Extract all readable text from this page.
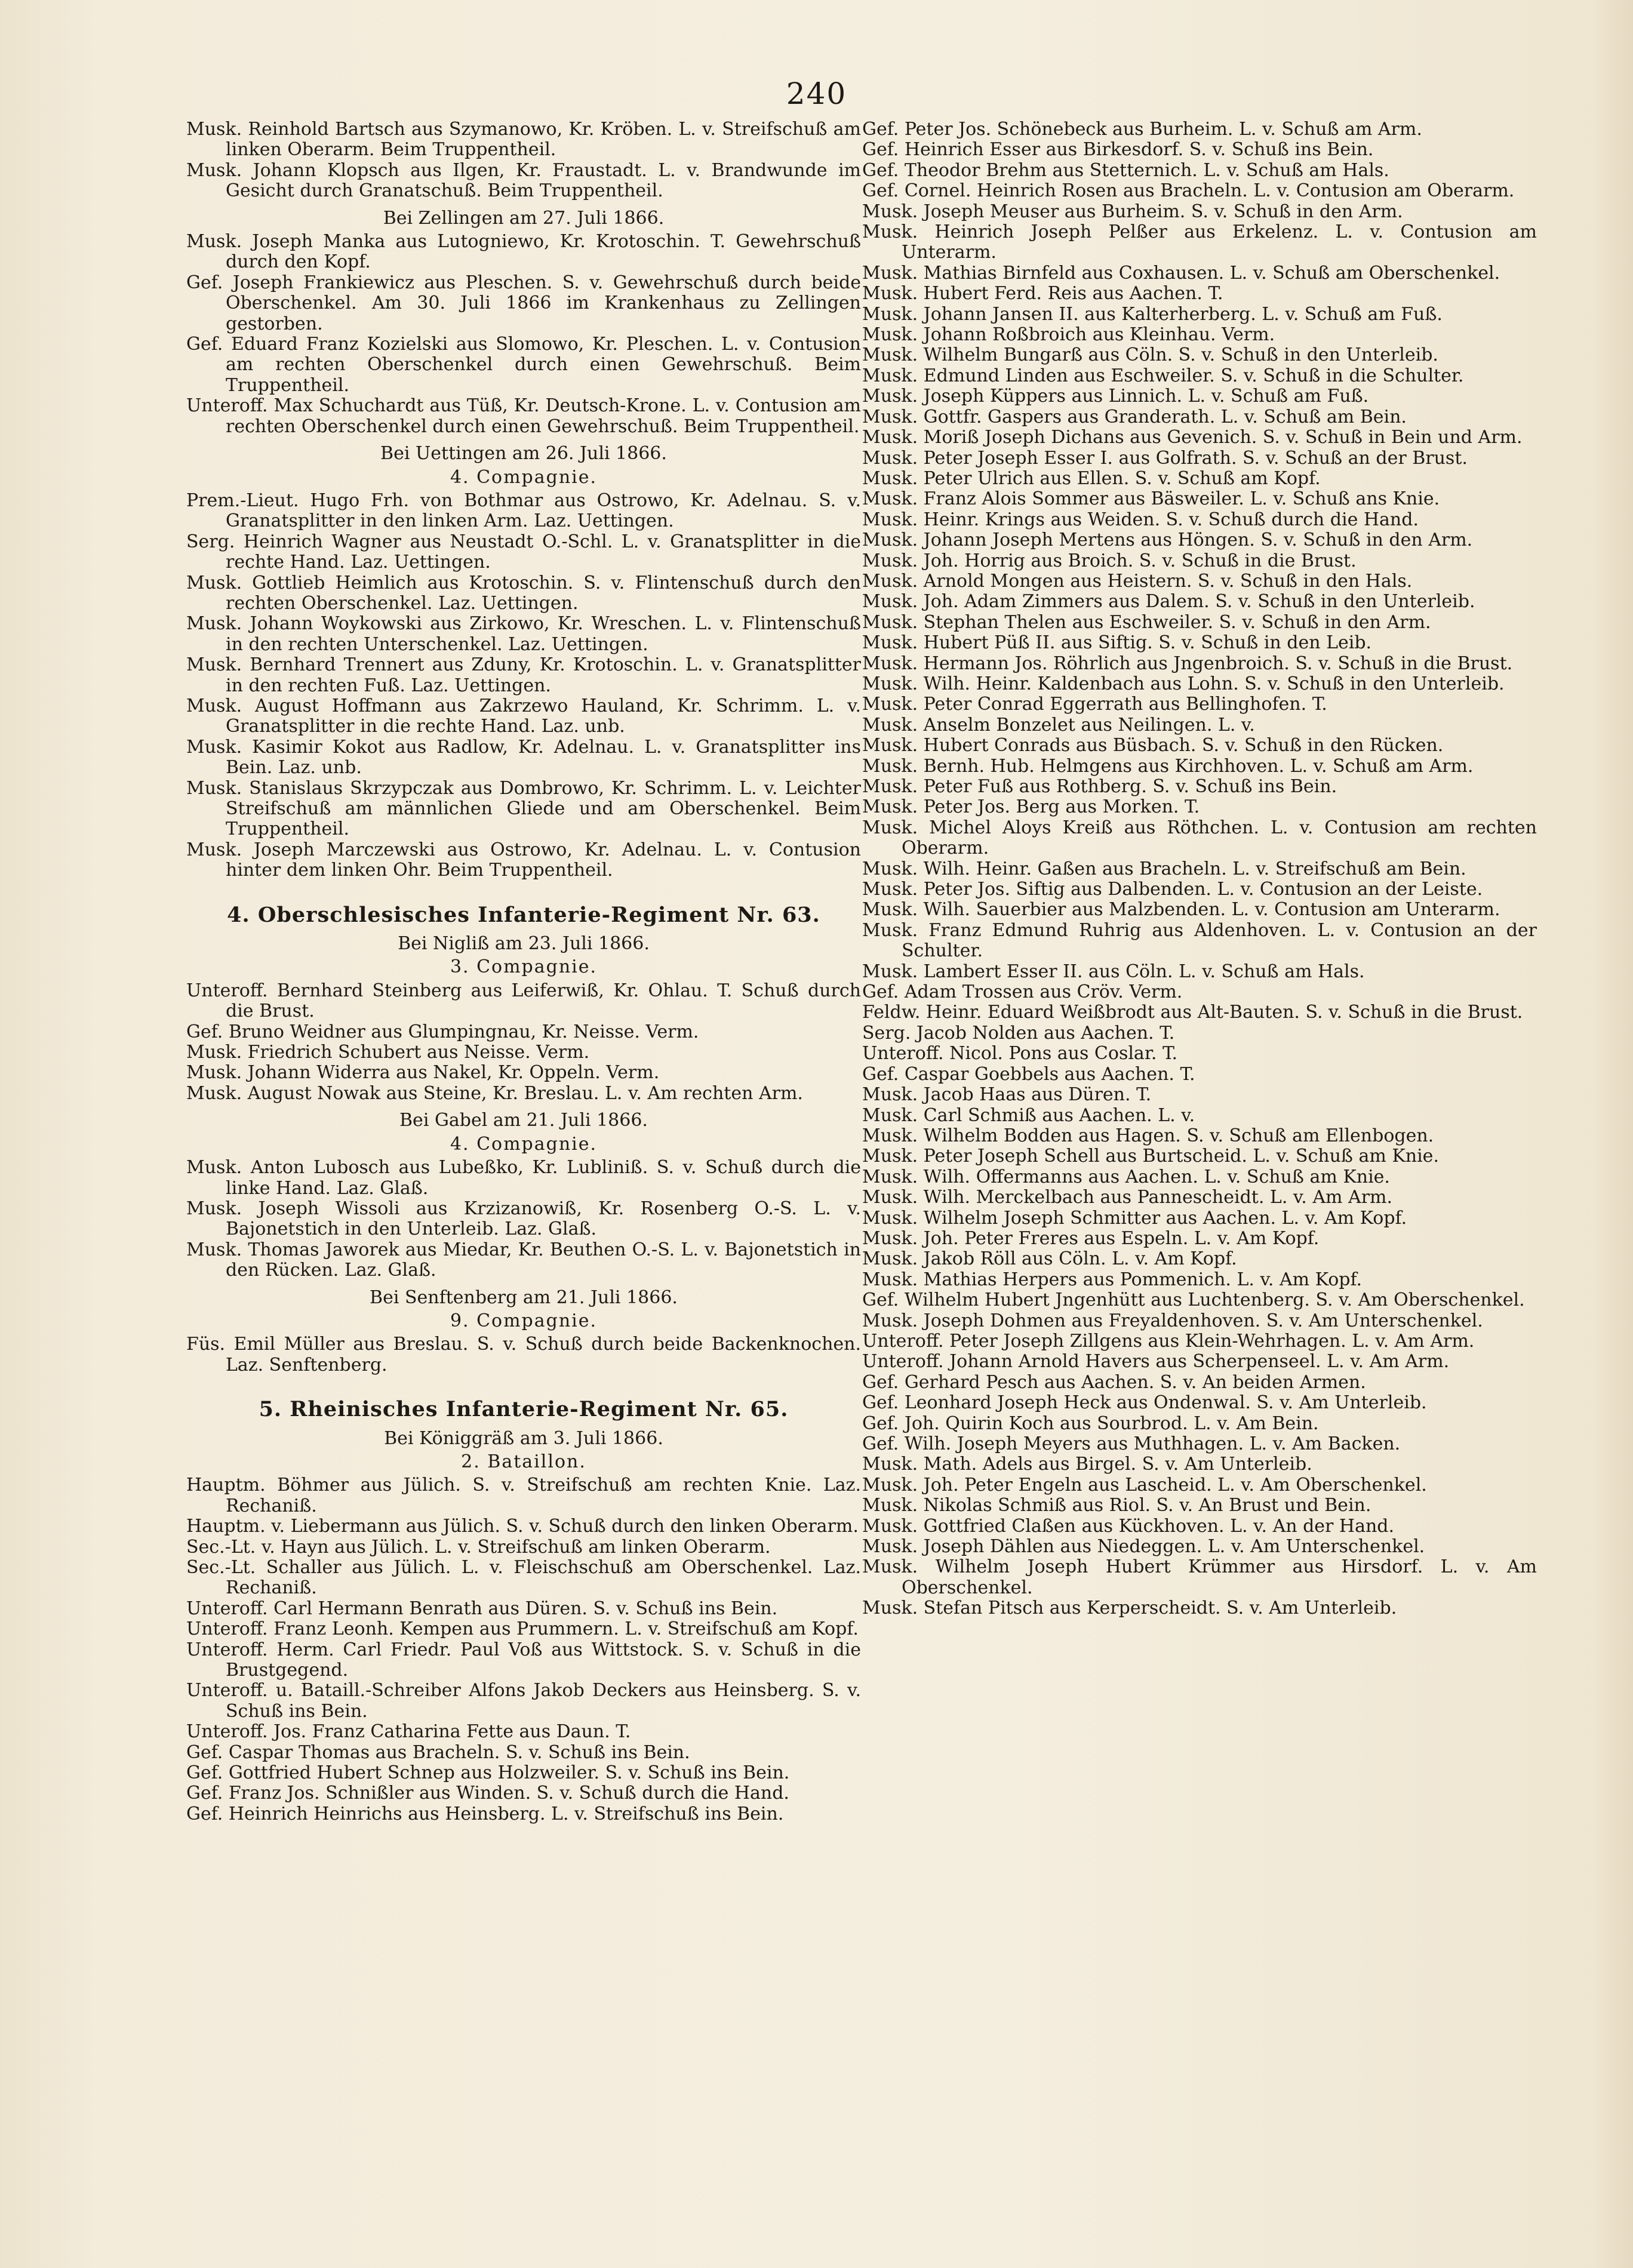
240
Musk. Reinhold Bartsch aus Szymanowo, Kr. Kröben. L. v. Streifschuß am linken Oberarm. Beim Truppentheil.
Musk. Johann Klopsch aus Ilgen, Kr. Fraustadt. L. v. Brandwunde im Gesicht durch Granatschuß. Beim Truppentheil.
Bei Zellingen am 27. Juli 1866.
Musk. Joseph Manka aus Lutogniewo, Kr. Krotoschin. T. Gewehrschuß durch den Kopf.
Gef. Joseph Frankiewicz aus Pleschen. S. v. Gewehrschuß durch beide Oberschenkel. Am 30. Juli 1866 im Krankenhaus zu Zellingen gestorben.
Gef. Eduard Franz Kozielski aus Slomowo, Kr. Pleschen. L. v. Contusion am rechten Oberschenkel durch einen Gewehrschuß. Beim Truppentheil.
Unteroff. Max Schuchardt aus Tüß, Kr. Deutsch-Krone. L. v. Contusion am rechten Oberschenkel durch einen Gewehrschuß. Beim Truppentheil.
Bei Uettingen am 26. Juli 1866.
4. Compagnie.
Prem.-Lieut. Hugo Frh. von Bothmar aus Ostrowo, Kr. Adelnau. S. v. Granatsplitter in den linken Arm. Laz. Uettingen.
Serg. Heinrich Wagner aus Neustadt O.-Schl. L. v. Granatsplitter in die rechte Hand. Laz. Uettingen.
Musk. Gottlieb Heimlich aus Krotoschin. S. v. Flintenschuß durch den rechten Oberschenkel. Laz. Uettingen.
Musk. Johann Woykowski aus Zirkowo, Kr. Wreschen. L. v. Flintenschuß in den rechten Unterschenkel. Laz. Uettingen.
Musk. Bernhard Trennert aus Zduny, Kr. Krotoschin. L. v. Granatsplitter in den rechten Fuß. Laz. Uettingen.
Musk. August Hoffmann aus Zakrzewo Hauland, Kr. Schrimm. L. v. Granatsplitter in die rechte Hand. Laz. unb.
Musk. Kasimir Kokot aus Radlow, Kr. Adelnau. L. v. Granatsplitter ins Bein. Laz. unb.
Musk. Stanislaus Skrzypczak aus Dombrowo, Kr. Schrimm. L. v. Leichter Streifschuß am männlichen Gliede und am Oberschenkel. Beim Truppentheil.
Musk. Joseph Marczewski aus Ostrowo, Kr. Adelnau. L. v. Contusion hinter dem linken Ohr. Beim Truppentheil.
4. Oberschlesisches Infanterie-Regiment Nr. 63.
Bei Nigliß am 23. Juli 1866.
3. Compagnie.
Unteroff. Bernhard Steinberg aus Leiferwiß, Kr. Ohlau. T. Schuß durch die Brust.
Gef. Bruno Weidner aus Glumpingnau, Kr. Neisse. Verm.
Musk. Friedrich Schubert aus Neisse. Verm.
Musk. Johann Widerra aus Nakel, Kr. Oppeln. Verm.
Musk. August Nowak aus Steine, Kr. Breslau. L. v. Am rechten Arm.
Bei Gabel am 21. Juli 1866.
4. Compagnie.
Musk. Anton Lubosch aus Lubeßko, Kr. Lubliniß. S. v. Schuß durch die linke Hand. Laz. Glaß.
Musk. Joseph Wissoli aus Krzizanowiß, Kr. Rosenberg O.-S. L. v. Bajonetstich in den Unterleib. Laz. Glaß.
Musk. Thomas Jaworek aus Miedar, Kr. Beuthen O.-S. L. v. Bajonetstich in den Rücken. Laz. Glaß.
Bei Senftenberg am 21. Juli 1866.
9. Compagnie.
Füs. Emil Müller aus Breslau. S. v. Schuß durch beide Backenknochen. Laz. Senftenberg.
5. Rheinisches Infanterie-Regiment Nr. 65.
Bei Königgräß am 3. Juli 1866.
2. Bataillon.
Hauptm. Böhmer aus Jülich. S. v. Streifschuß am rechten Knie. Laz. Rechaniß.
Hauptm. v. Liebermann aus Jülich. S. v. Schuß durch den linken Oberarm.
Sec.-Lt. v. Hayn aus Jülich. L. v. Streifschuß am linken Oberarm.
Sec.-Lt. Schaller aus Jülich. L. v. Fleischschuß am Oberschenkel. Laz. Rechaniß.
Unteroff. Carl Hermann Benrath aus Düren. S. v. Schuß ins Bein.
Unteroff. Franz Leonh. Kempen aus Prummern. L. v. Streifschuß am Kopf.
Unteroff. Herm. Carl Friedr. Paul Voß aus Wittstock. S. v. Schuß in die Brustgegend.
Unteroff. u. Bataill.-Schreiber Alfons Jakob Deckers aus Heinsberg. S. v. Schuß ins Bein.
Unteroff. Jos. Franz Catharina Fette aus Daun. T.
Gef. Caspar Thomas aus Bracheln. S. v. Schuß ins Bein.
Gef. Gottfried Hubert Schnep aus Holzweiler. S. v. Schuß ins Bein.
Gef. Franz Jos. Schnißler aus Winden. S. v. Schuß durch die Hand.
Gef. Heinrich Heinrichs aus Heinsberg. L. v. Streifschuß ins Bein.
Gef. Peter Jos. Schönebeck aus Burheim. L. v. Schuß am Arm.
Gef. Heinrich Esser aus Birkesdorf. S. v. Schuß ins Bein.
Gef. Theodor Brehm aus Stetternich. L. v. Schuß am Hals.
Gef. Cornel. Heinrich Rosen aus Bracheln. L. v. Contusion am Oberarm.
Musk. Joseph Meuser aus Burheim. S. v. Schuß in den Arm.
Musk. Heinrich Joseph Pelßer aus Erkelenz. L. v. Contusion am Unterarm.
Musk. Mathias Birnfeld aus Coxhausen. L. v. Schuß am Oberschenkel.
Musk. Hubert Ferd. Reis aus Aachen. T.
Musk. Johann Jansen II. aus Kalterherberg. L. v. Schuß am Fuß.
Musk. Johann Roßbroich aus Kleinhau. Verm.
Musk. Wilhelm Bungarß aus Cöln. S. v. Schuß in den Unterleib.
Musk. Edmund Linden aus Eschweiler. S. v. Schuß in die Schulter.
Musk. Joseph Küppers aus Linnich. L. v. Schuß am Fuß.
Musk. Gottfr. Gaspers aus Granderath. L. v. Schuß am Bein.
Musk. Moriß Joseph Dichans aus Gevenich. S. v. Schuß in Bein und Arm.
Musk. Peter Joseph Esser I. aus Golfrath. S. v. Schuß an der Brust.
Musk. Peter Ulrich aus Ellen. S. v. Schuß am Kopf.
Musk. Franz Alois Sommer aus Bäsweiler. L. v. Schuß ans Knie.
Musk. Heinr. Krings aus Weiden. S. v. Schuß durch die Hand.
Musk. Johann Joseph Mertens aus Höngen. S. v. Schuß in den Arm.
Musk. Joh. Horrig aus Broich. S. v. Schuß in die Brust.
Musk. Arnold Mongen aus Heistern. S. v. Schuß in den Hals.
Musk. Joh. Adam Zimmers aus Dalem. S. v. Schuß in den Unterleib.
Musk. Stephan Thelen aus Eschweiler. S. v. Schuß in den Arm.
Musk. Hubert Püß II. aus Siftig. S. v. Schuß in den Leib.
Musk. Hermann Jos. Röhrlich aus Jngenbroich. S. v. Schuß in die Brust.
Musk. Wilh. Heinr. Kaldenbach aus Lohn. S. v. Schuß in den Unterleib.
Musk. Peter Conrad Eggerrath aus Bellinghofen. T.
Musk. Anselm Bonzelet aus Neilingen. L. v.
Musk. Hubert Conrads aus Büsbach. S. v. Schuß in den Rücken.
Musk. Bernh. Hub. Helmgens aus Kirchhoven. L. v. Schuß am Arm.
Musk. Peter Fuß aus Rothberg. S. v. Schuß ins Bein.
Musk. Peter Jos. Berg aus Morken. T.
Musk. Michel Aloys Kreiß aus Röthchen. L. v. Contusion am rechten Oberarm.
Musk. Wilh. Heinr. Gaßen aus Bracheln. L. v. Streifschuß am Bein.
Musk. Peter Jos. Siftig aus Dalbenden. L. v. Contusion an der Leiste.
Musk. Wilh. Sauerbier aus Malzbenden. L. v. Contusion am Unterarm.
Musk. Franz Edmund Ruhrig aus Aldenhoven. L. v. Contusion an der Schulter.
Musk. Lambert Esser II. aus Cöln. L. v. Schuß am Hals.
Gef. Adam Trossen aus Cröv. Verm.
Feldw. Heinr. Eduard Weißbrodt aus Alt-Bauten. S. v. Schuß in die Brust.
Serg. Jacob Nolden aus Aachen. T.
Unteroff. Nicol. Pons aus Coslar. T.
Gef. Caspar Goebbels aus Aachen. T.
Musk. Jacob Haas aus Düren. T.
Musk. Carl Schmiß aus Aachen. L. v.
Musk. Wilhelm Bodden aus Hagen. S. v. Schuß am Ellenbogen.
Musk. Peter Joseph Schell aus Burtscheid. L. v. Schuß am Knie.
Musk. Wilh. Offermanns aus Aachen. L. v. Schuß am Knie.
Musk. Wilh. Merckelbach aus Pannescheidt. L. v. Am Arm.
Musk. Wilhelm Joseph Schmitter aus Aachen. L. v. Am Kopf.
Musk. Joh. Peter Freres aus Espeln. L. v. Am Kopf.
Musk. Jakob Röll aus Cöln. L. v. Am Kopf.
Musk. Mathias Herpers aus Pommenich. L. v. Am Kopf.
Gef. Wilhelm Hubert Jngenhütt aus Luchtenberg. S. v. Am Oberschenkel.
Musk. Joseph Dohmen aus Freyaldenhoven. S. v. Am Unterschenkel.
Unteroff. Peter Joseph Zillgens aus Klein-Wehrhagen. L. v. Am Arm.
Unteroff. Johann Arnold Havers aus Scherpenseel. L. v. Am Arm.
Gef. Gerhard Pesch aus Aachen. S. v. An beiden Armen.
Gef. Leonhard Joseph Heck aus Ondenwal. S. v. Am Unterleib.
Gef. Joh. Quirin Koch aus Sourbrod. L. v. Am Bein.
Gef. Wilh. Joseph Meyers aus Muthhagen. L. v. Am Backen.
Musk. Math. Adels aus Birgel. S. v. Am Unterleib.
Musk. Joh. Peter Engeln aus Lascheid. L. v. Am Oberschenkel.
Musk. Nikolas Schmiß aus Riol. S. v. An Brust und Bein.
Musk. Gottfried Claßen aus Kückhoven. L. v. An der Hand.
Musk. Joseph Dählen aus Niedeggen. L. v. Am Unterschenkel.
Musk. Wilhelm Joseph Hubert Krümmer aus Hirsdorf. L. v. Am Oberschenkel.
Musk. Stefan Pitsch aus Kerperscheidt. S. v. Am Unterleib.
